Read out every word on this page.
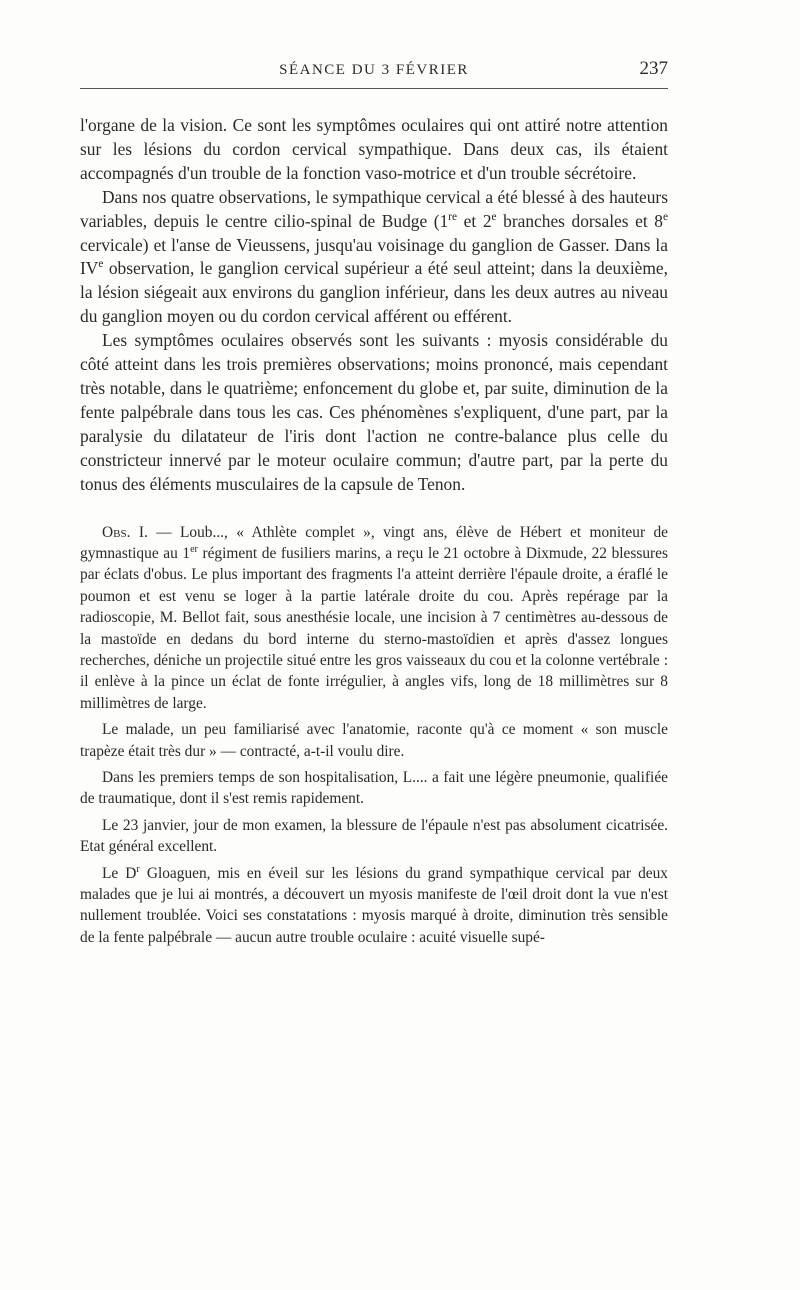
SÉANCE DU 3 FÉVRIER	237

l'organe de la vision. Ce sont les symptômes oculaires qui ont attiré notre attention sur les lésions du cordon cervical sympathique. Dans deux cas, ils étaient accompagnés d'un trouble de la fonction vaso-motrice et d'un trouble sécrétoire.

Dans nos quatre observations, le sympathique cervical a été blessé à des hauteurs variables, depuis le centre cilio-spinal de Budge (1re et 2e branches dorsales et 8e cervicale) et l'anse de Vieussens, jusqu'au voisinage du ganglion de Gasser. Dans la IVe observation, le ganglion cervical supérieur a été seul atteint; dans la deuxième, la lésion siégeait aux environs du ganglion inférieur, dans les deux autres au niveau du ganglion moyen ou du cordon cervical afférent ou efférent.

Les symptômes oculaires observés sont les suivants : myosis considérable du côté atteint dans les trois premières observations; moins prononcé, mais cependant très notable, dans le quatrième; enfoncement du globe et, par suite, diminution de la fente palpébrale dans tous les cas. Ces phénomènes s'expliquent, d'une part, par la paralysie du dilatateur de l'iris dont l'action ne contre-balance plus celle du constricteur innervé par le moteur oculaire commun; d'autre part, par la perte du tonus des éléments musculaires de la capsule de Tenon.

Obs. I. — Loub..., « Athlète complet », vingt ans, élève de Hébert et moniteur de gymnastique au 1er régiment de fusiliers marins, a reçu le 21 octobre à Dixmude, 22 blessures par éclats d'obus. Le plus important des fragments l'a atteint derrière l'épaule droite, a éraflé le poumon et est venu se loger à la partie latérale droite du cou. Après repérage par la radioscopie, M. Bellot fait, sous anesthésie locale, une incision à 7 centimètres au-dessous de la mastoïde en dedans du bord interne du sterno-mastoïdien et après d'assez longues recherches, déniche un projectile situé entre les gros vaisseaux du cou et la colonne vertébrale : il enlève à la pince un éclat de fonte irrégulier, à angles vifs, long de 18 millimètres sur 8 millimètres de large.

Le malade, un peu familiarisé avec l'anatomie, raconte qu'à ce moment « son muscle trapèze était très dur » — contracté, a-t-il voulu dire.

Dans les premiers temps de son hospitalisation, L.... a fait une légère pneumonie, qualifiée de traumatique, dont il s'est remis rapidement.

Le 23 janvier, jour de mon examen, la blessure de l'épaule n'est pas absolument cicatrisée. Etat général excellent.

Le $D^r$ Gloaguen, mis en éveil sur les lésions du grand sympathique cervical par deux malades que je lui ai montrés, a découvert un myosis manifeste de l'œil droit dont la vue n'est nullement troublée. Voici ses constatations : myosis marqué à droite, diminution très sensible de la fente palpébrale — aucun autre trouble oculaire : acuité visuelle supé-
